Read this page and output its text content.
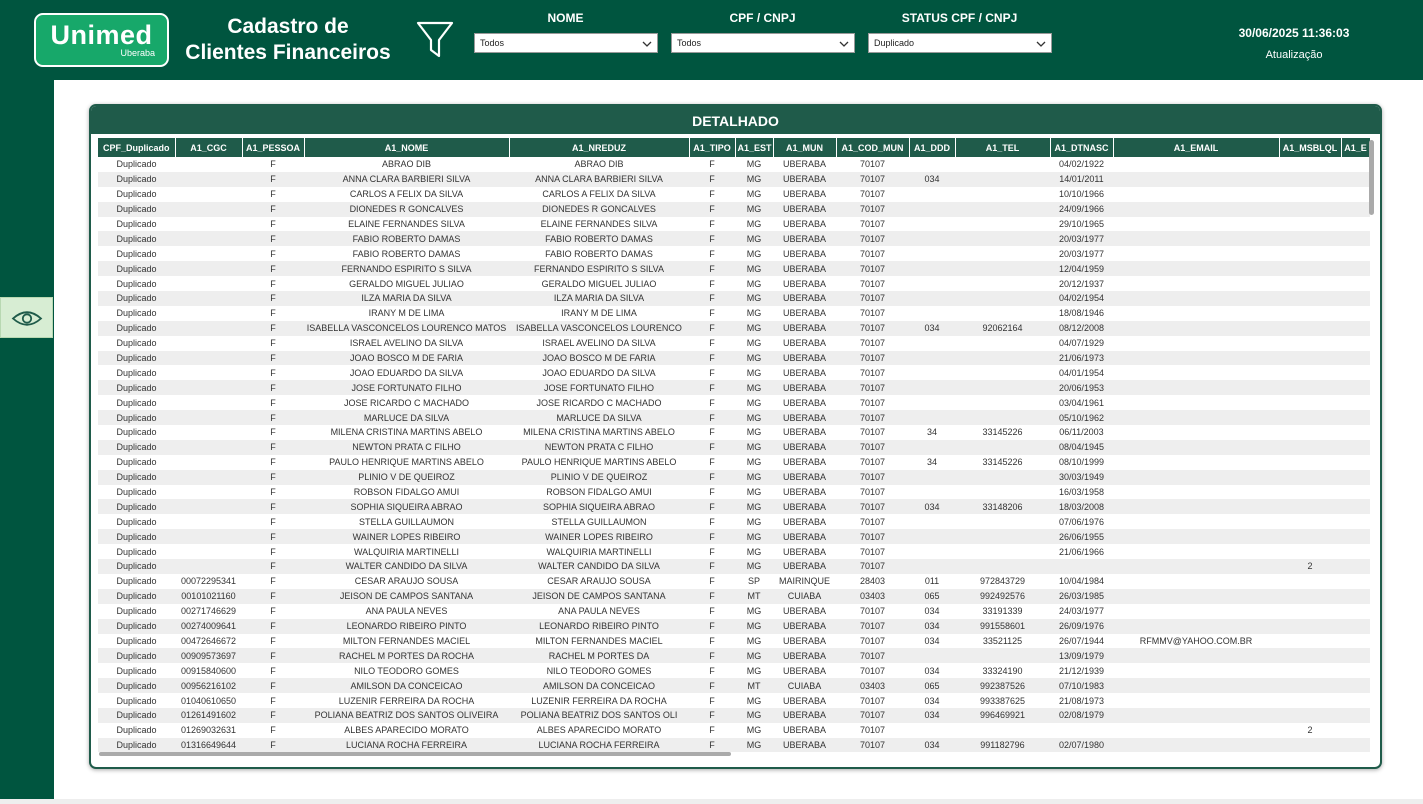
Unimed
Uberaba
Cadastro de
Clientes Financeiros
NOME
Todos
CPF / CNPJ
Todos
STATUS CPF / CNPJ
Duplicado
30/06/2025 11:36:03
Atualização
DETALHADO
CPF_Duplicado	A1_CGC	A1_PESSOA	A1_NOME	A1_NREDUZ	A1_TIPO	A1_EST	A1_MUN	A1_COD_MUN	A1_DDD	A1_TEL	A1_DTNASC	A1_EMAIL	A1_MSBLQL	A1_E
Duplicado		F	ABRAO DIB	ABRAO DIB	F	MG	UBERABA	70107			04/02/1922			
Duplicado		F	ANNA CLARA BARBIERI SILVA	ANNA CLARA BARBIERI SILVA	F	MG	UBERABA	70107	034		14/01/2011			
Duplicado		F	CARLOS A FELIX DA SILVA	CARLOS A FELIX DA SILVA	F	MG	UBERABA	70107			10/10/1966			
Duplicado		F	DIONEDES R GONCALVES	DIONEDES R GONCALVES	F	MG	UBERABA	70107			24/09/1966			
Duplicado		F	ELAINE FERNANDES SILVA	ELAINE FERNANDES SILVA	F	MG	UBERABA	70107			29/10/1965			
Duplicado		F	FABIO ROBERTO DAMAS	FABIO ROBERTO DAMAS	F	MG	UBERABA	70107			20/03/1977			
Duplicado		F	FABIO ROBERTO DAMAS	FABIO ROBERTO DAMAS	F	MG	UBERABA	70107			20/03/1977			
Duplicado		F	FERNANDO ESPIRITO S SILVA	FERNANDO ESPIRITO S SILVA	F	MG	UBERABA	70107			12/04/1959			
Duplicado		F	GERALDO MIGUEL JULIAO	GERALDO MIGUEL JULIAO	F	MG	UBERABA	70107			20/12/1937			
Duplicado		F	ILZA MARIA DA SILVA	ILZA MARIA DA SILVA	F	MG	UBERABA	70107			04/02/1954			
Duplicado		F	IRANY M DE LIMA	IRANY M DE LIMA	F	MG	UBERABA	70107			18/08/1946			
Duplicado		F	ISABELLA VASCONCELOS LOURENCO MATOS	ISABELLA VASCONCELOS LOURENCO	F	MG	UBERABA	70107	034	92062164	08/12/2008			
Duplicado		F	ISRAEL AVELINO DA SILVA	ISRAEL AVELINO DA SILVA	F	MG	UBERABA	70107			04/07/1929			
Duplicado		F	JOAO BOSCO M DE FARIA	JOAO BOSCO M DE FARIA	F	MG	UBERABA	70107			21/06/1973			
Duplicado		F	JOAO EDUARDO DA SILVA	JOAO EDUARDO DA SILVA	F	MG	UBERABA	70107			04/01/1954			
Duplicado		F	JOSE FORTUNATO FILHO	JOSE FORTUNATO FILHO	F	MG	UBERABA	70107			20/06/1953			
Duplicado		F	JOSE RICARDO C MACHADO	JOSE RICARDO C MACHADO	F	MG	UBERABA	70107			03/04/1961			
Duplicado		F	MARLUCE DA SILVA	MARLUCE DA SILVA	F	MG	UBERABA	70107			05/10/1962			
Duplicado		F	MILENA CRISTINA MARTINS ABELO	MILENA CRISTINA MARTINS ABELO	F	MG	UBERABA	70107	34	33145226	06/11/2003			
Duplicado		F	NEWTON PRATA C FILHO	NEWTON PRATA C FILHO	F	MG	UBERABA	70107			08/04/1945			
Duplicado		F	PAULO HENRIQUE MARTINS ABELO	PAULO HENRIQUE MARTINS ABELO	F	MG	UBERABA	70107	34	33145226	08/10/1999			
Duplicado		F	PLINIO V DE QUEIROZ	PLINIO V DE QUEIROZ	F	MG	UBERABA	70107			30/03/1949			
Duplicado		F	ROBSON FIDALGO AMUI	ROBSON FIDALGO AMUI	F	MG	UBERABA	70107			16/03/1958			
Duplicado		F	SOPHIA SIQUEIRA ABRAO	SOPHIA SIQUEIRA ABRAO	F	MG	UBERABA	70107	034	33148206	18/03/2008			
Duplicado		F	STELLA GUILLAUMON	STELLA GUILLAUMON	F	MG	UBERABA	70107			07/06/1976			
Duplicado		F	WAINER LOPES RIBEIRO	WAINER LOPES RIBEIRO	F	MG	UBERABA	70107			26/06/1955			
Duplicado		F	WALQUIRIA MARTINELLI	WALQUIRIA MARTINELLI	F	MG	UBERABA	70107			21/06/1966			
Duplicado		F	WALTER CANDIDO DA SILVA	WALTER CANDIDO DA SILVA	F	MG	UBERABA	70107					2	
Duplicado	00072295341	F	CESAR ARAUJO SOUSA	CESAR ARAUJO SOUSA	F	SP	MAIRINQUE	28403	011	972843729	10/04/1984			
Duplicado	00101021160	F	JEISON DE CAMPOS SANTANA	JEISON DE CAMPOS SANTANA	F	MT	CUIABA	03403	065	992492576	26/03/1985			
Duplicado	00271746629	F	ANA PAULA NEVES	ANA PAULA NEVES	F	MG	UBERABA	70107	034	33191339	24/03/1977			
Duplicado	00274009641	F	LEONARDO RIBEIRO PINTO	LEONARDO RIBEIRO PINTO	F	MG	UBERABA	70107	034	991558601	26/09/1976			
Duplicado	00472646672	F	MILTON FERNANDES MACIEL	MILTON FERNANDES MACIEL	F	MG	UBERABA	70107	034	33521125	26/07/1944	RFMMV@YAHOO.COM.BR		
Duplicado	00909573697	F	RACHEL M PORTES DA ROCHA	RACHEL M PORTES DA	F	MG	UBERABA	70107			13/09/1979			
Duplicado	00915840600	F	NILO TEODORO GOMES	NILO TEODORO GOMES	F	MG	UBERABA	70107	034	33324190	21/12/1939			
Duplicado	00956216102	F	AMILSON DA CONCEICAO	AMILSON DA CONCEICAO	F	MT	CUIABA	03403	065	992387526	07/10/1983			
Duplicado	01040610650	F	LUZENIR FERREIRA DA ROCHA	LUZENIR FERREIRA DA ROCHA	F	MG	UBERABA	70107	034	993387625	21/08/1973			
Duplicado	01261491602	F	POLIANA BEATRIZ DOS SANTOS OLIVEIRA	POLIANA BEATRIZ DOS SANTOS OLI	F	MG	UBERABA	70107	034	996469921	02/08/1979			
Duplicado	01269032631	F	ALBES APARECIDO MORATO	ALBES APARECIDO MORATO	F	MG	UBERABA	70107					2	
Duplicado	01316649644	F	LUCIANA ROCHA FERREIRA	LUCIANA ROCHA FERREIRA	F	MG	UBERABA	70107	034	991182796	02/07/1980			
